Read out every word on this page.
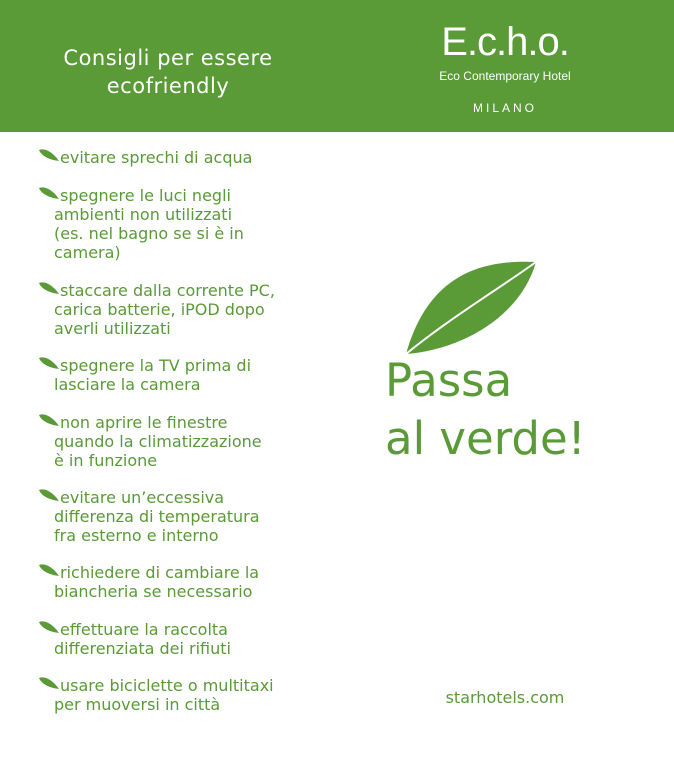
Consigli per essere
ecofriendly
E.c.h.o.
Eco Contemporary Hotel
MILANO
evitare sprechi di acqua
spegnere le luci negli
ambienti non utilizzati
(es. nel bagno se si è in
camera)
staccare dalla corrente PC,
carica batterie, iPOD dopo
averli utilizzati
spegnere la TV prima di
lasciare la camera
non aprire le finestre
quando la climatizzazione
è in funzione
evitare un’eccessiva
differenza di temperatura
fra esterno e interno
richiedere di cambiare la
biancheria se necessario
effettuare la raccolta
differenziata dei rifiuti
usare biciclette o multitaxi
per muoversi in città
Passa
al verde!
starhotels.com
